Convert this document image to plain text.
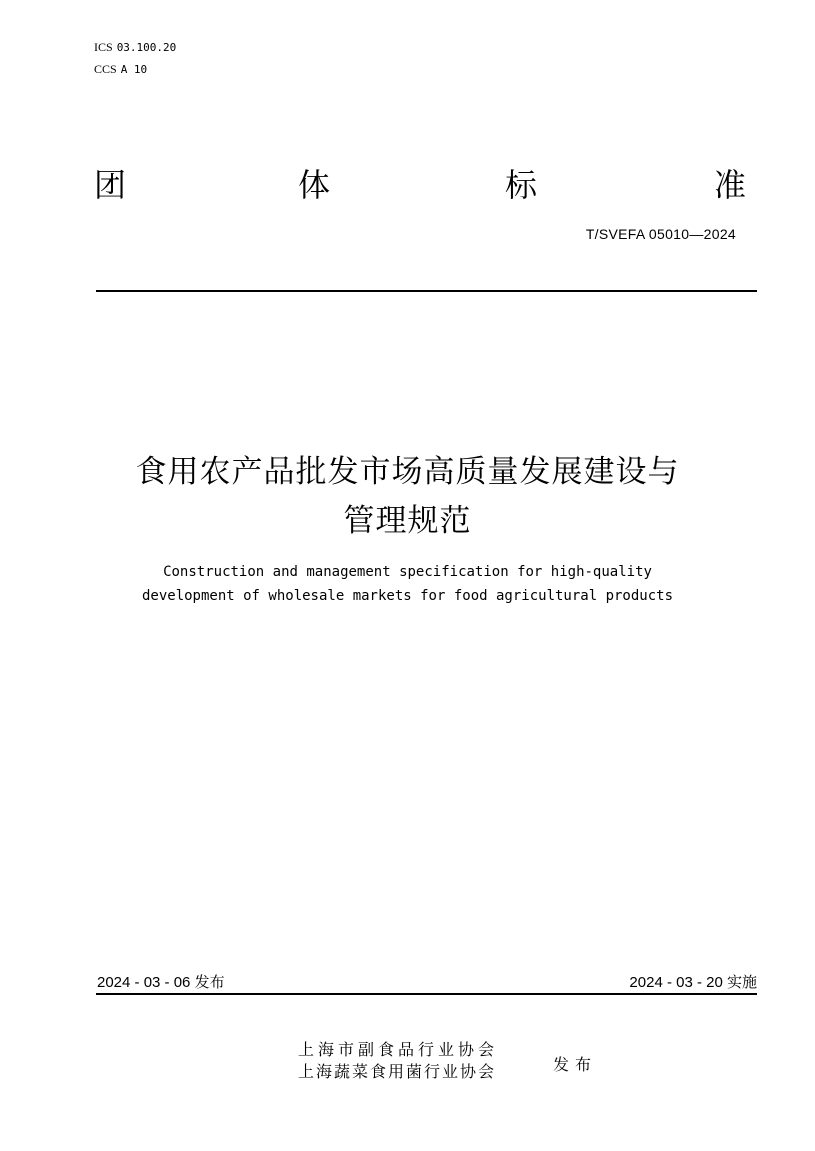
ICS 03.100.20
CCS A 10
团	体	标	准
T/SVEFA 05010—2024
食用农产品批发市场高质量发展建设与
管理规范
Construction and management specification for high-quality
development of wholesale markets for food agricultural products
2024 - 03 - 06 发布	2024 - 03 - 20 实施
上海市副食品行业协会
上海蔬菜食用菌行业协会	发布
